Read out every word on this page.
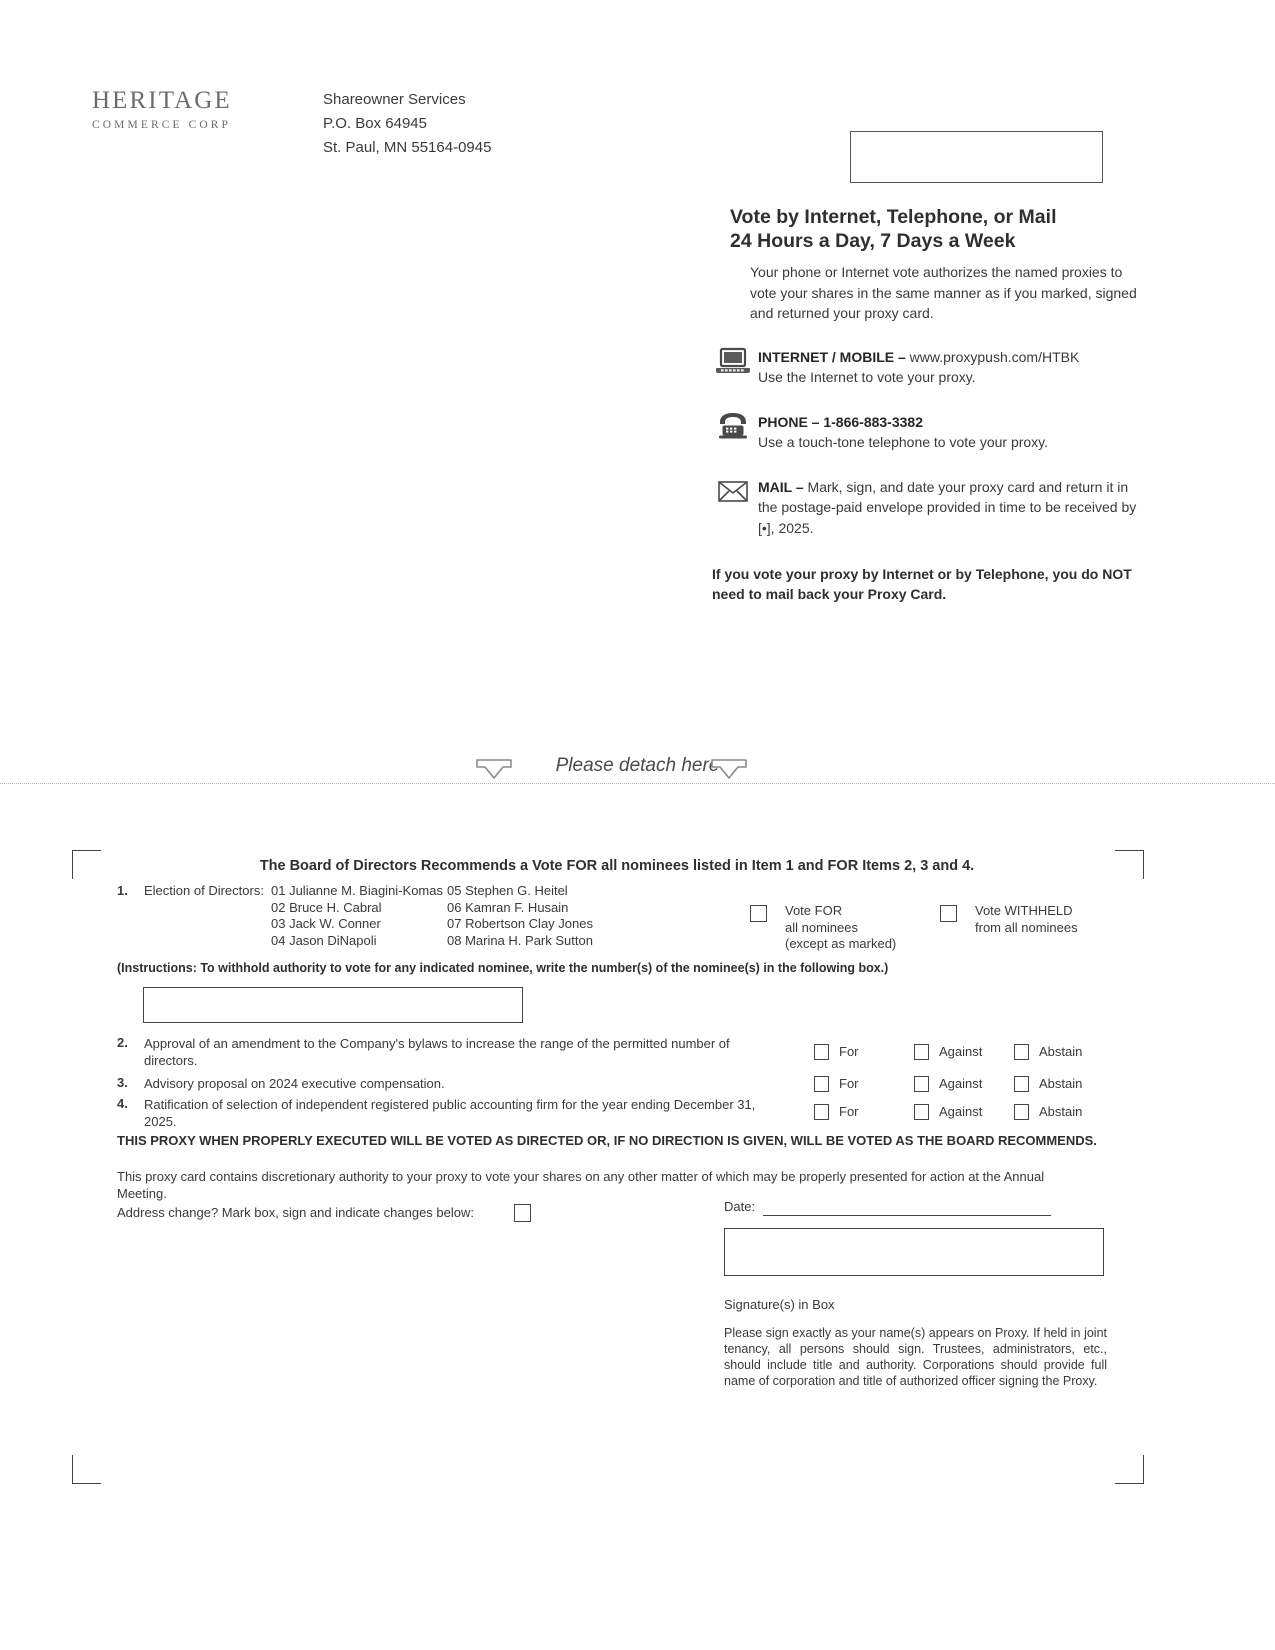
HERITAGE
COMMERCE CORP
Shareowner Services
P.O. Box 64945
St. Paul, MN 55164-0945
Vote by Internet, Telephone, or Mail
24 Hours a Day, 7 Days a Week
Your phone or Internet vote authorizes the named proxies to vote your shares in the same manner as if you marked, signed and returned your proxy card.
INTERNET / MOBILE – www.proxypush.com/HTBK
Use the Internet to vote your proxy.
PHONE – 1-866-883-3382
Use a touch-tone telephone to vote your proxy.
MAIL – Mark, sign, and date your proxy card and return it in the postage-paid envelope provided in time to be received by [•], 2025.
If you vote your proxy by Internet or by Telephone, you do NOT need to mail back your Proxy Card.
Please detach here
The Board of Directors Recommends a Vote FOR all nominees listed in Item 1 and FOR Items 2, 3 and 4.
1. Election of Directors: 01 Julianne M. Biagini-Komas 05 Stephen G. Heitel
02 Bruce H. Cabral	06 Kamran F. Husain
03 Jack W. Conner	07 Robertson Clay Jones
04 Jason DiNapoli	08 Marina H. Park Sutton
Vote FOR
all nominees
(except as marked)
Vote WITHHELD
from all nominees
(Instructions: To withhold authority to vote for any indicated nominee, write the number(s) of the nominee(s) in the following box.)
2. Approval of an amendment to the Company's bylaws to increase the range of the permitted number of directors.
For	Against	Abstain
3. Advisory proposal on 2024 executive compensation.	For	Against	Abstain
4. Ratification of selection of independent registered public accounting firm for the year ending December 31, 2025.
For	Against	Abstain
THIS PROXY WHEN PROPERLY EXECUTED WILL BE VOTED AS DIRECTED OR, IF NO DIRECTION IS GIVEN, WILL BE VOTED AS THE BOARD RECOMMENDS.
This proxy card contains discretionary authority to your proxy to vote your shares on any other matter of which may be properly presented for action at the Annual Meeting.
Address change? Mark box, sign and indicate changes below:	Date:
Signature(s) in Box
Please sign exactly as your name(s) appears on Proxy. If held in joint tenancy, all persons should sign. Trustees, administrators, etc., should include title and authority. Corporations should provide full name of corporation and title of authorized officer signing the Proxy.
